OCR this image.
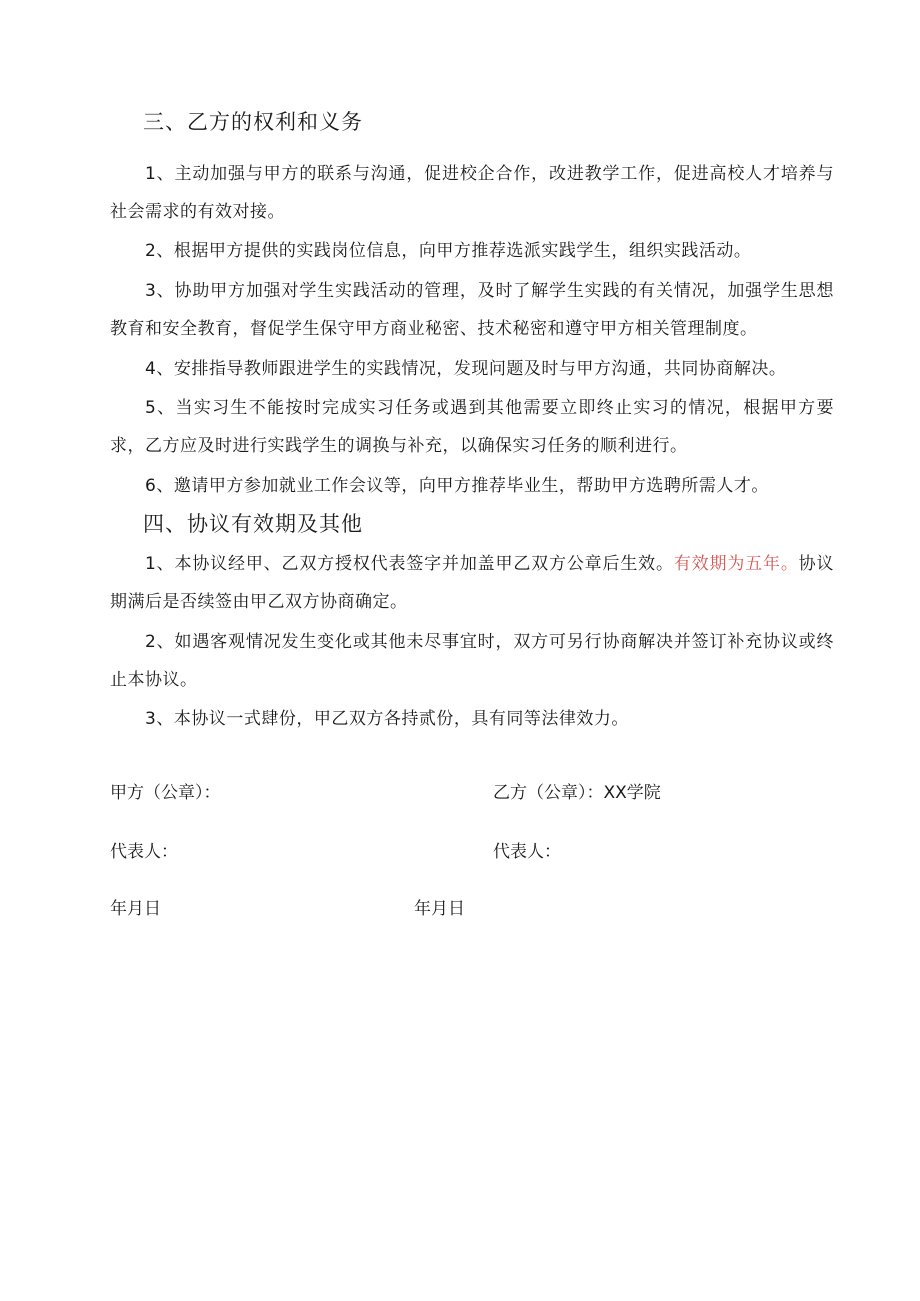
三、乙方的权利和义务

1、主动加强与甲方的联系与沟通，促进校企合作，改进教学工作，促进高校人才培养与社会需求的有效对接。

2、根据甲方提供的实践岗位信息，向甲方推荐选派实践学生，组织实践活动。

3、协助甲方加强对学生实践活动的管理，及时了解学生实践的有关情况，加强学生思想教育和安全教育，督促学生保守甲方商业秘密、技术秘密和遵守甲方相关管理制度。

4、安排指导教师跟进学生的实践情况，发现问题及时与甲方沟通，共同协商解决。

5、当实习生不能按时完成实习任务或遇到其他需要立即终止实习的情况，根据甲方要求，乙方应及时进行实践学生的调换与补充，以确保实习任务的顺利进行。

6、邀请甲方参加就业工作会议等，向甲方推荐毕业生，帮助甲方选聘所需人才。

四、协议有效期及其他

1、本协议经甲、乙双方授权代表签字并加盖甲乙双方公章后生效。有效期为五年。协议期满后是否续签由甲乙双方协商确定。

2、如遇客观情况发生变化或其他未尽事宜时，双方可另行协商解决并签订补充协议或终止本协议。

3、本协议一式肆份，甲乙双方各持贰份，具有同等法律效力。

甲方（公章）：	乙方（公章）：XX学院
代表人：	代表人：
年月日	年月日
